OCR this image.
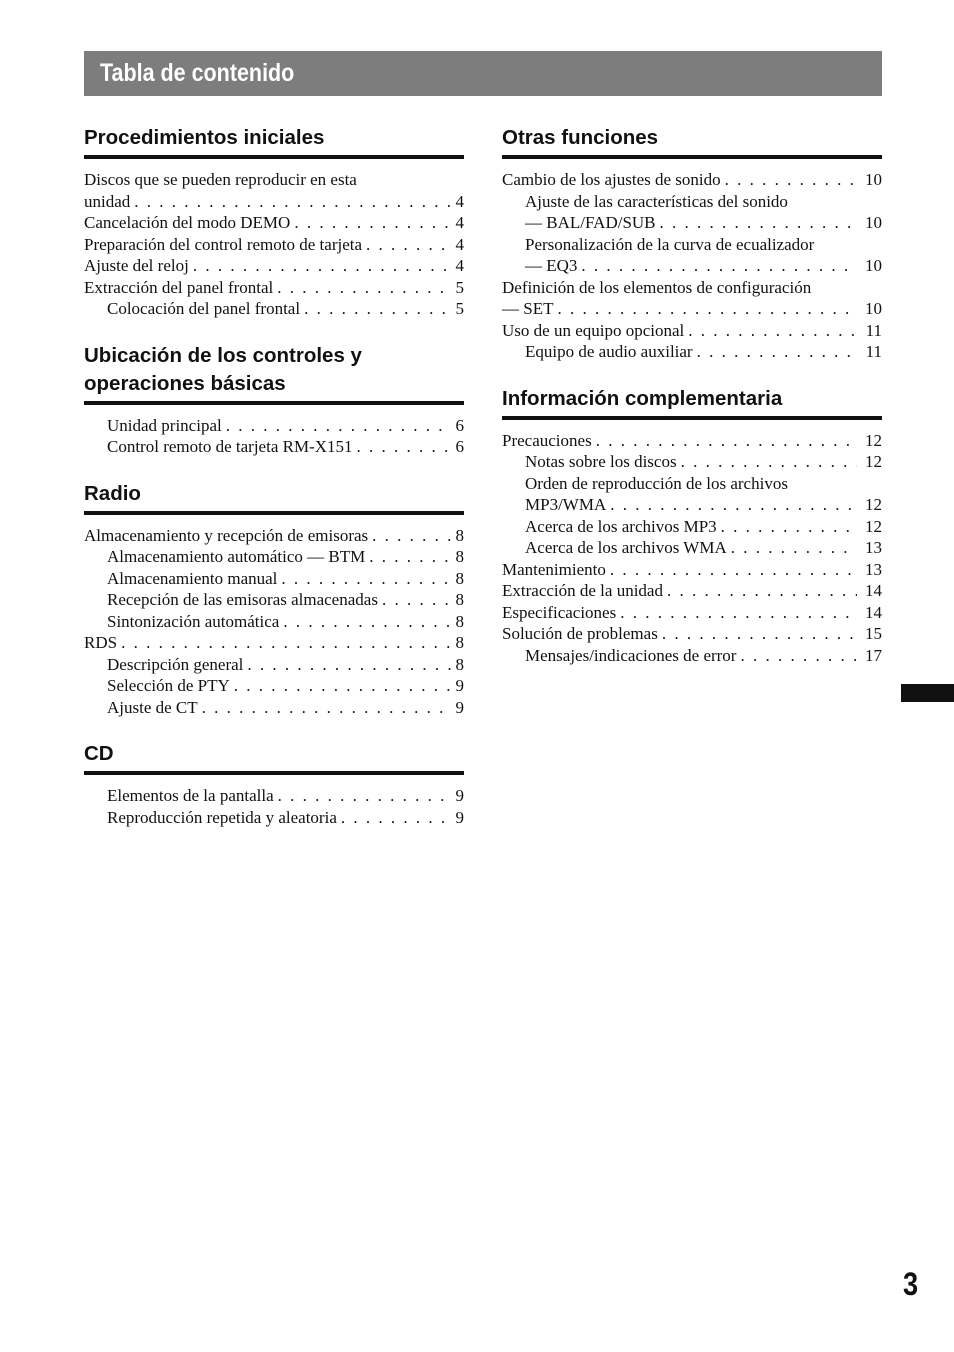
Tabla de contenido
Procedimientos iniciales
Discos que se pueden reproducir en esta
unidad . . .	4
Cancelación del modo DEMO . . .	4
Preparación del control remoto de tarjeta . . .	4
Ajuste del reloj . . .	4
Extracción del panel frontal . . .	5
Colocación del panel frontal . . .	5
Ubicación de los controles y
operaciones básicas
Unidad principal . . .	6
Control remoto de tarjeta RM-X151 . . .	6
Radio
Almacenamiento y recepción de emisoras . . .	8
Almacenamiento automático — BTM . . .	8
Almacenamiento manual . . .	8
Recepción de las emisoras almacenadas . . .	8
Sintonización automática . . .	8
RDS . . .	8
Descripción general . . .	8
Selección de PTY . . .	9
Ajuste de CT . . .	9
CD
Elementos de la pantalla . . .	9
Reproducción repetida y aleatoria . . .	9
Otras funciones
Cambio de los ajustes de sonido . . .	10
Ajuste de las características del sonido
— BAL/FAD/SUB . . .	10
Personalización de la curva de ecualizador
— EQ3 . . .	10
Definición de los elementos de configuración
— SET . . .	10
Uso de un equipo opcional . . .	11
Equipo de audio auxiliar . . .	11
Información complementaria
Precauciones . . .	12
Notas sobre los discos . . .	12
Orden de reproducción de los archivos
MP3/WMA . . .	12
Acerca de los archivos MP3 . . .	12
Acerca de los archivos WMA . . .	13
Mantenimiento . . .	13
Extracción de la unidad . . .	14
Especificaciones . . .	14
Solución de problemas . . .	15
Mensajes/indicaciones de error . . .	17
3
